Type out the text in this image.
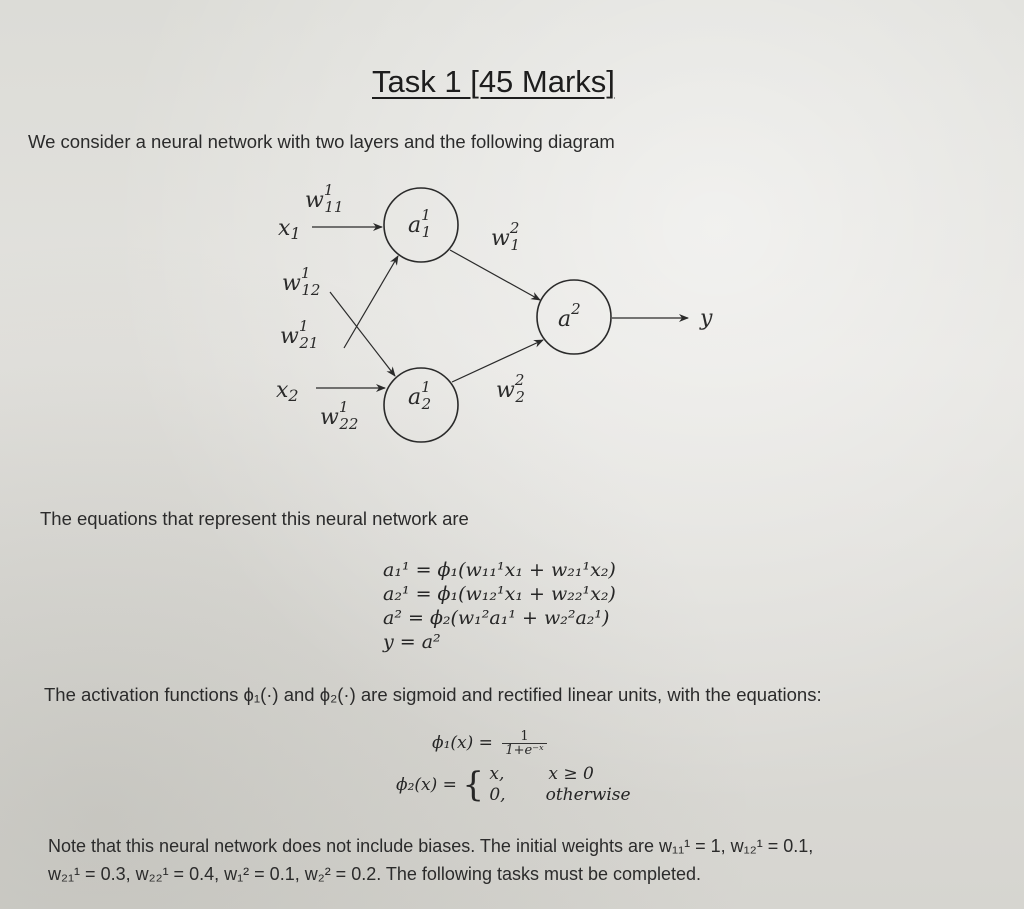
Task 1 [45 Marks]
We consider a neural network with two layers and the following diagram
x1
x2
$a^1$ 1
$a^1$ 2
$a^2$	y
$w^1$ 11
$w^1$ 12
$w^1$ 21
$w^1$ 22
$w^2$ 1
$w^2$ 2
The equations that represent this neural network are
a₁¹ = ϕ₁(w₁₁¹x₁ + w₂₁¹x₂)
a₂¹ = ϕ₁(w₁₂¹x₁ + w₂₂¹x₂)
a² = ϕ₂(w₁²a₁¹ + w₂²a₂¹)
y = a²
The activation functions ϕ₁(·) and ϕ₂(·) are sigmoid and rectified linear units, with the equations:
$\phi_1(x) = \frac{1}{\text{1+e⁻ˣ}}$
ϕ₂(x) = { x,	x ≥ 0
0, otherwise
Note that this neural network does not include biases. The initial weights are w₁₁¹ = 1, w₁₂¹ = 0.1,
w₂₁¹ = 0.3, w₂₂¹ = 0.4, w₁² = 0.1, w₂² = 0.2. The following tasks must be completed.
